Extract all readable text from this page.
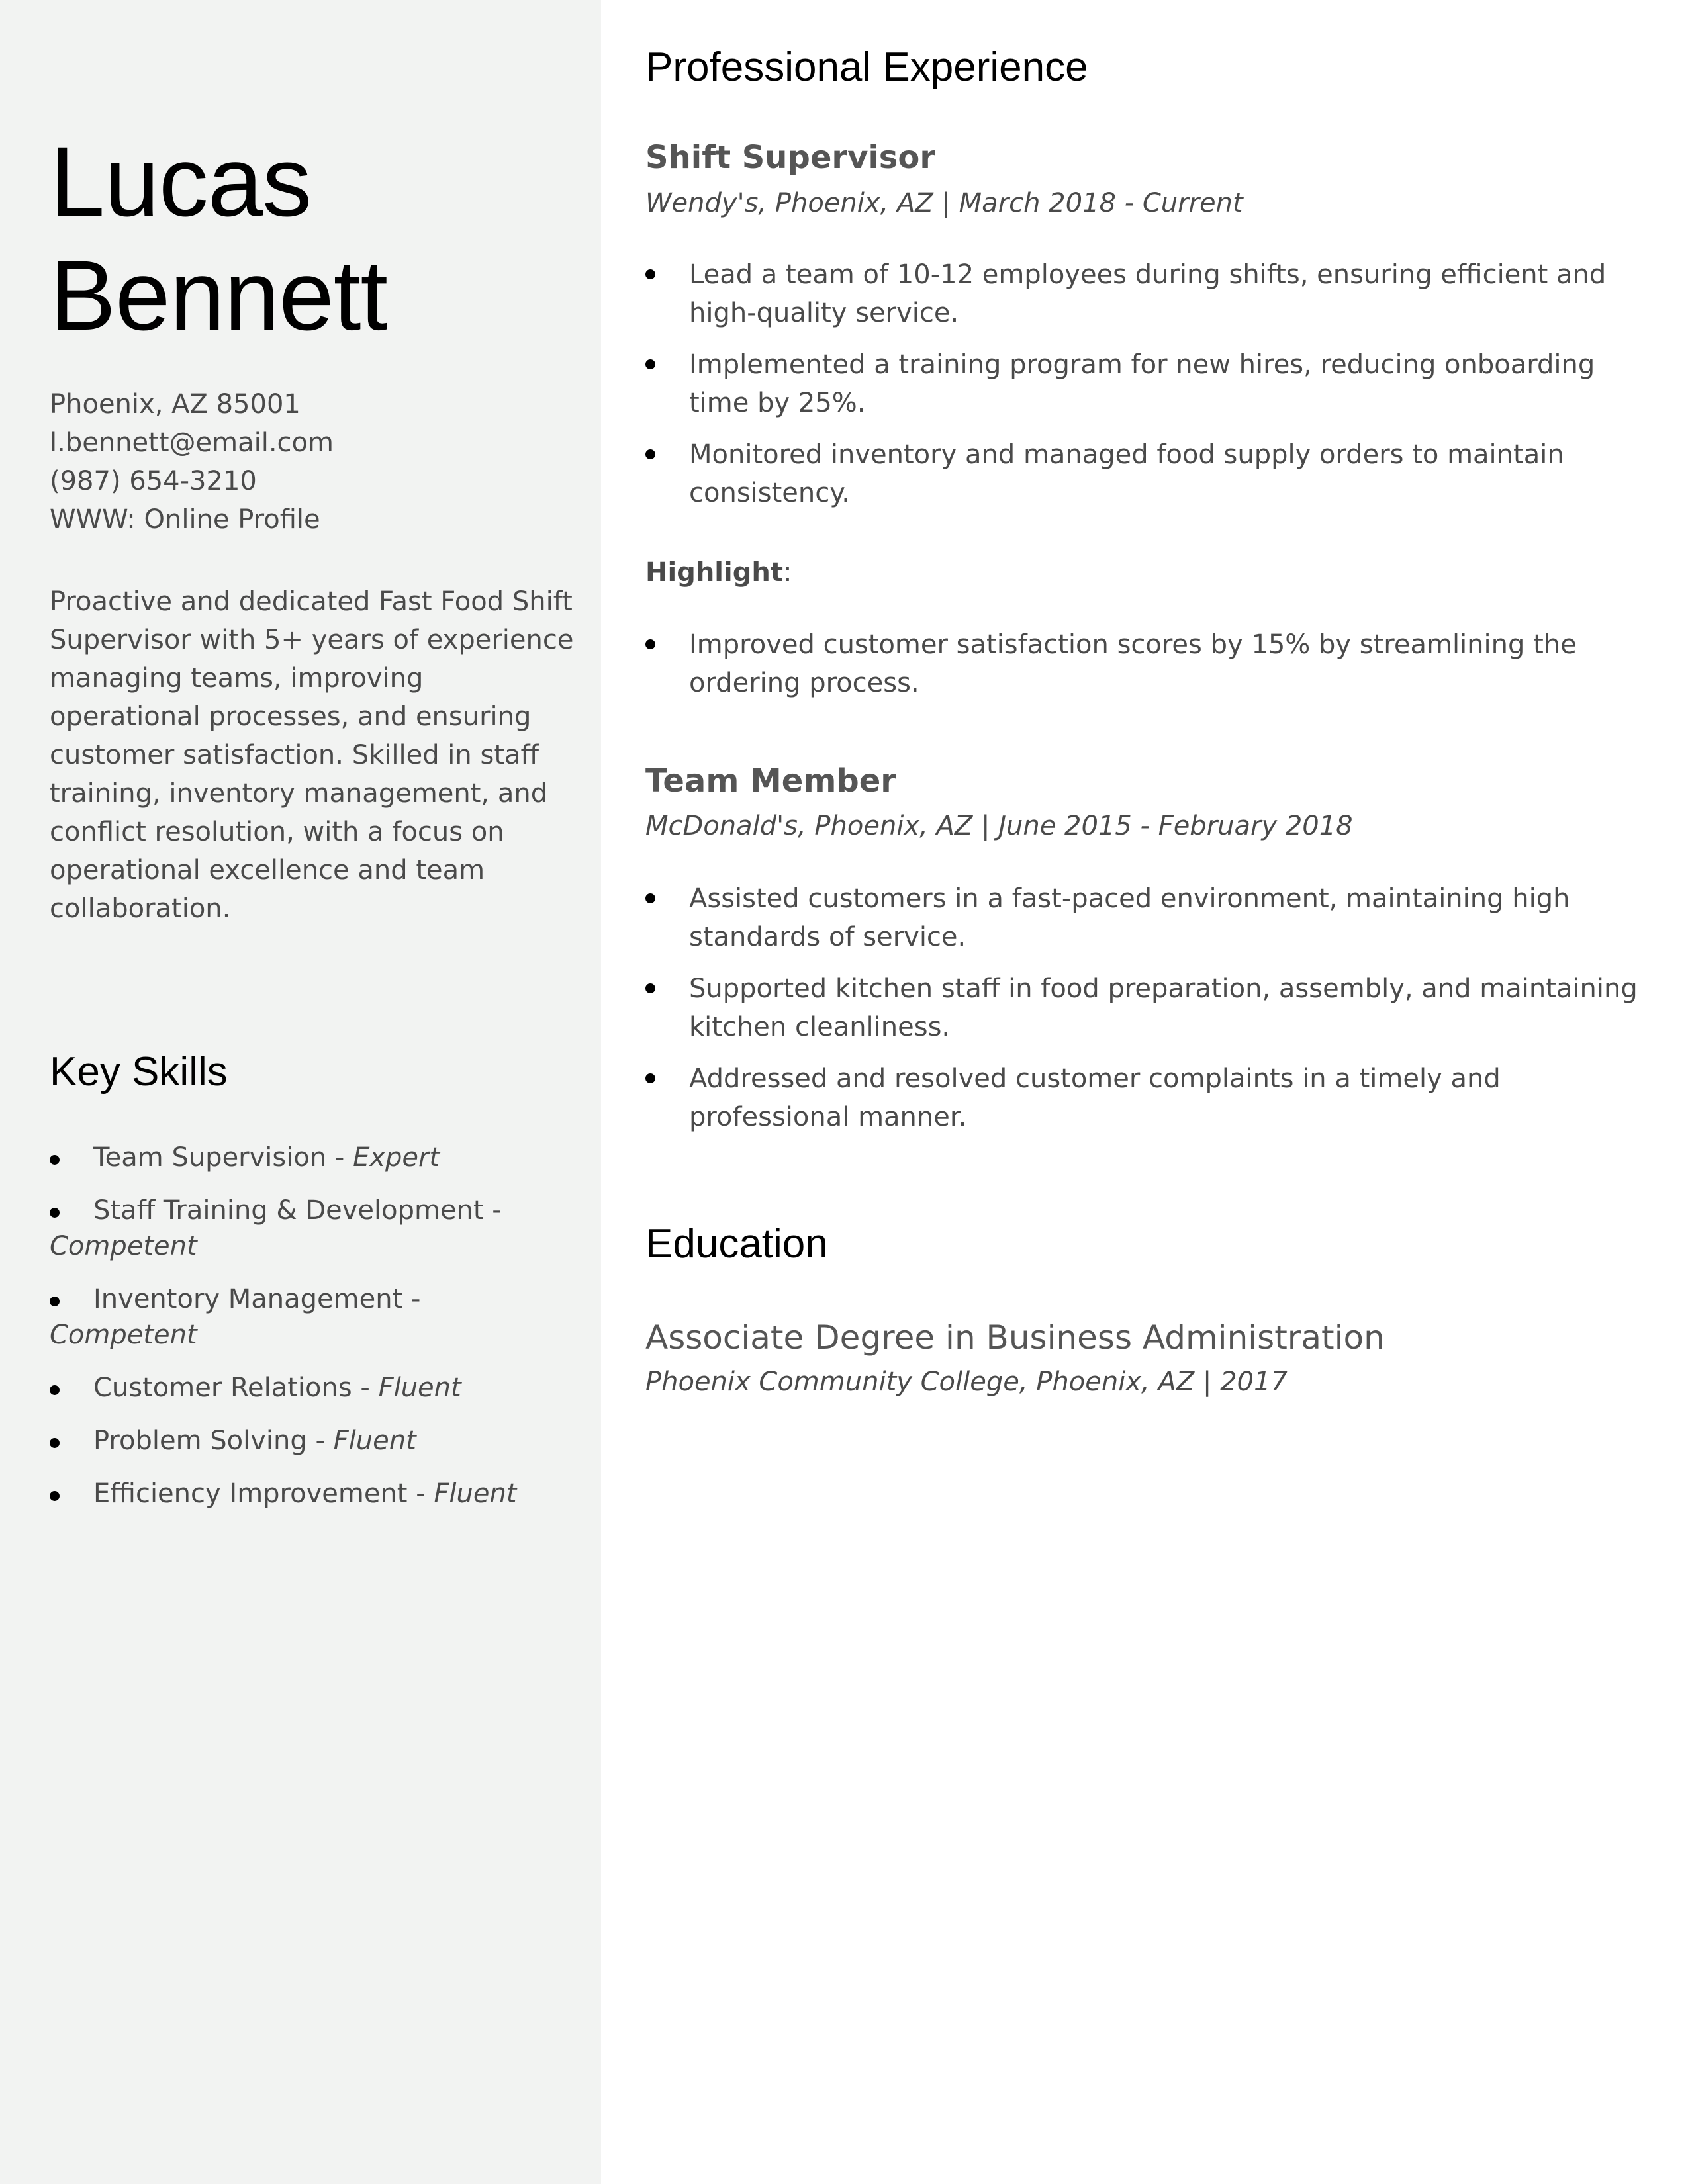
Lucas
Bennett
Phoenix, AZ 85001
l.bennett@email.com
(987) 654-3210
WWW: Online Profile

Proactive and dedicated Fast Food Shift Supervisor with 5+ years of experience managing teams, improving operational processes, and ensuring customer satisfaction. Skilled in staff training, inventory management, and conflict resolution, with a focus on operational excellence and team collaboration.

Key Skills
Team Supervision - Expert
Staff Training & Development -
Competent
Inventory Management -
Competent
Customer Relations - Fluent
Problem Solving - Fluent
Efficiency Improvement - Fluent
Professional Experience
Shift Supervisor

Wendy's, Phoenix, AZ | March 2018 - Current

Lead a team of 10-12 employees during shifts, ensuring efficient and high-quality service.
Implemented a training program for new hires, reducing onboarding time by 25%.
Monitored inventory and managed food supply orders to maintain consistency.

Highlight:

Improved customer satisfaction scores by 15% by streamlining the ordering process.
Team Member

McDonald's, Phoenix, AZ | June 2015 - February 2018

Assisted customers in a fast-paced environment, maintaining high standards of service.
Supported kitchen staff in food preparation, assembly, and maintaining kitchen cleanliness.
Addressed and resolved customer complaints in a timely and professional manner.
Education
Associate Degree in Business Administration

Phoenix Community College, Phoenix, AZ | 2017
